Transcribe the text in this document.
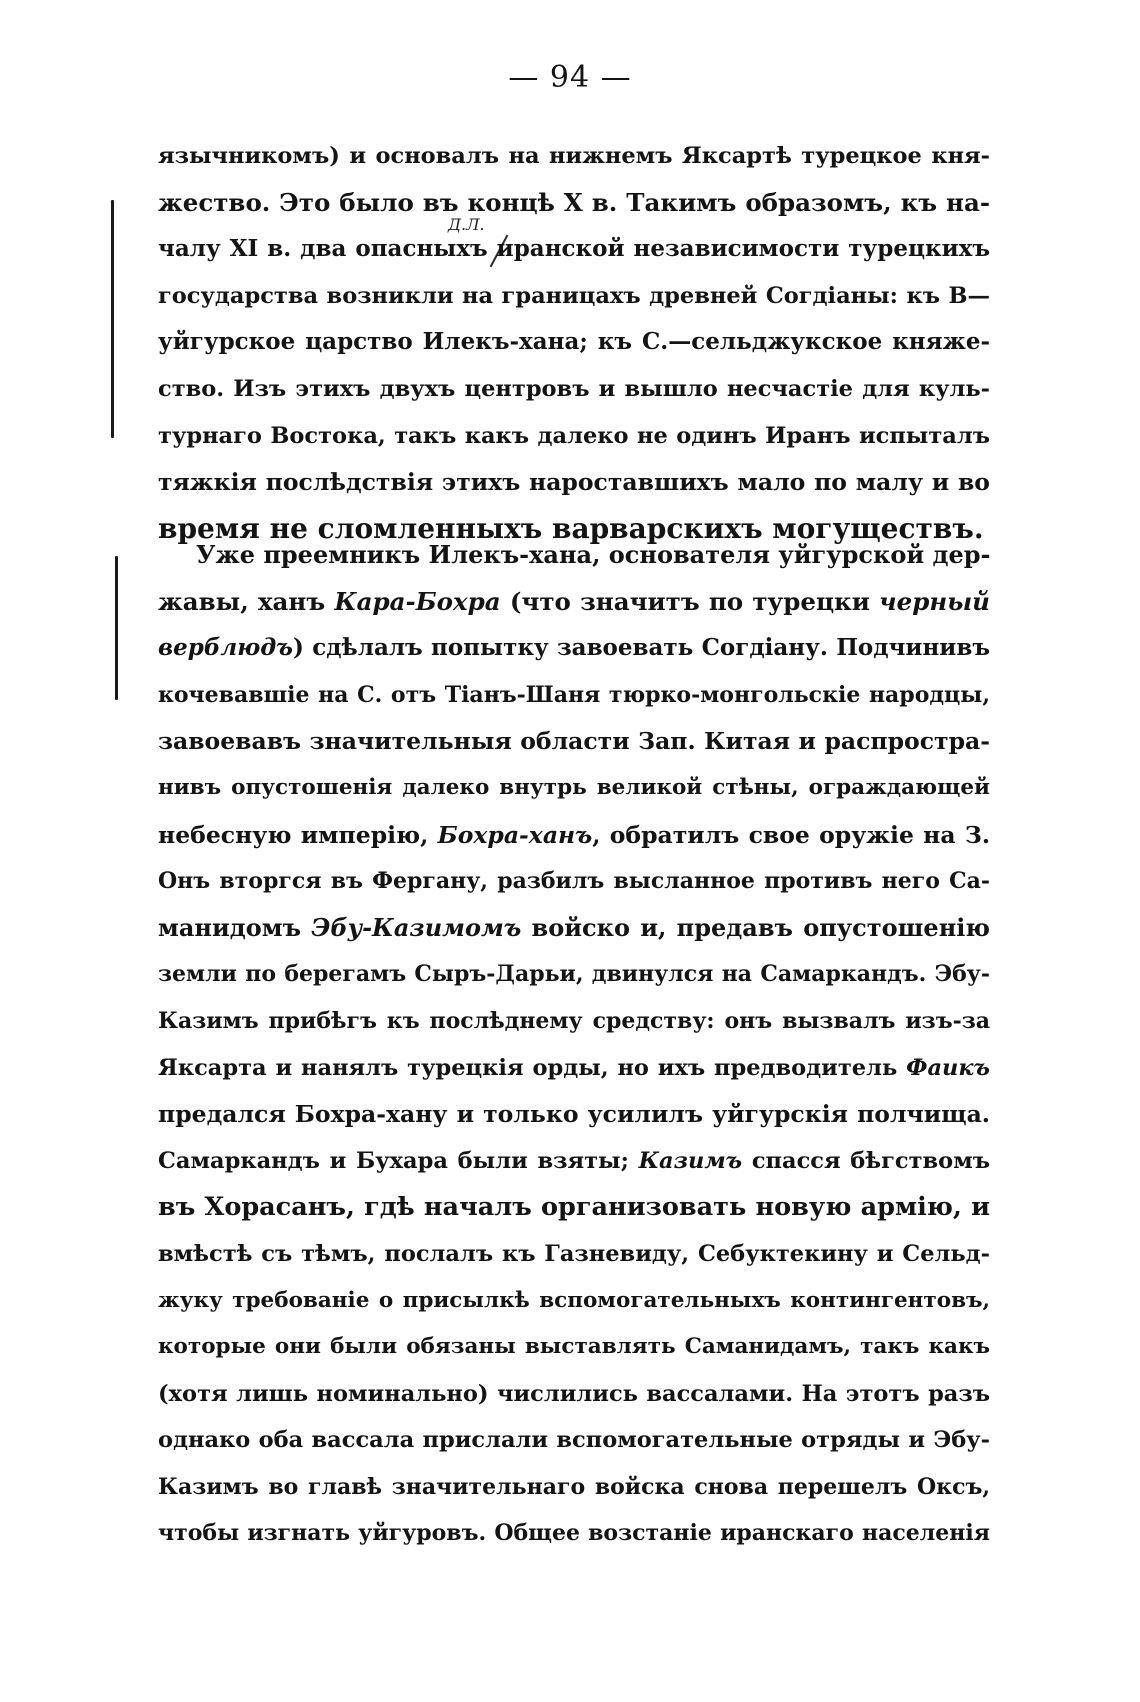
— 94 —
Д.Л.
язычникомъ) и основалъ на нижнемъ Яксартѣ турецкое кня-
жество. Это было въ концѣ X в. Такимъ образомъ, къ на-
чалу XI в. два опасныхъ иранской независимости турецкихъ
государства возникли на границахъ древней Согдіаны: къ В—
уйгурское царство Илекъ-хана; къ С.—сельджукское княже-
ство. Изъ этихъ двухъ центровъ и вышло несчастіе для куль-
турнаго Востока, такъ какъ далеко не одинъ Иранъ испыталъ
тяжкія послѣдствія этихъ нароставшихъ мало по малу и во
время не сломленныхъ варварскихъ могуществъ.
Уже преемникъ Илекъ-хана, основателя уйгурской дер-
жавы, ханъ Кара-Бохра (что значитъ по турецки черный
верблюдъ) сдѣлалъ попытку завоевать Согдіану. Подчинивъ
кочевавшіе на С. отъ Тіанъ-Шаня тюрко-монгольскіе народцы,
завоевавъ значительныя области Зап. Китая и распростра-
нивъ опустошенія далеко внутрь великой стѣны, ограждающей
небесную имперію, Бохра-ханъ, обратилъ свое оружіе на З.
Онъ вторгся въ Фергану, разбилъ высланное противъ него Са-
манидомъ Эбу-Казимомъ войско и, предавъ опустошенію
земли по берегамъ Сыръ-Дарьи, двинулся на Самаркандъ. Эбу-
Казимъ прибѣгъ къ послѣднему средству: онъ вызвалъ изъ-за
Яксарта и нанялъ турецкія орды, но ихъ предводитель Фаикъ
предался Бохра-хану и только усилилъ уйгурскія полчища.
Самаркандъ и Бухара были взяты; Казимъ спасся бѣгствомъ
въ Хорасанъ, гдѣ началъ организовать новую армію, и
вмѣстѣ съ тѣмъ, послалъ къ Газневиду, Себуктекину и Сельд-
жуку требованіе о присылкѣ вспомогательныхъ контингентовъ,
которые они были обязаны выставлять Саманидамъ, такъ какъ
(хотя лишь номинально) числились вассалами. На этотъ разъ
однако оба вассала прислали вспомогательные отряды и Эбу-
Казимъ во главѣ значительнаго войска снова перешелъ Оксъ,
чтобы изгнать уйгуровъ. Общее возстаніе иранскаго населенія
